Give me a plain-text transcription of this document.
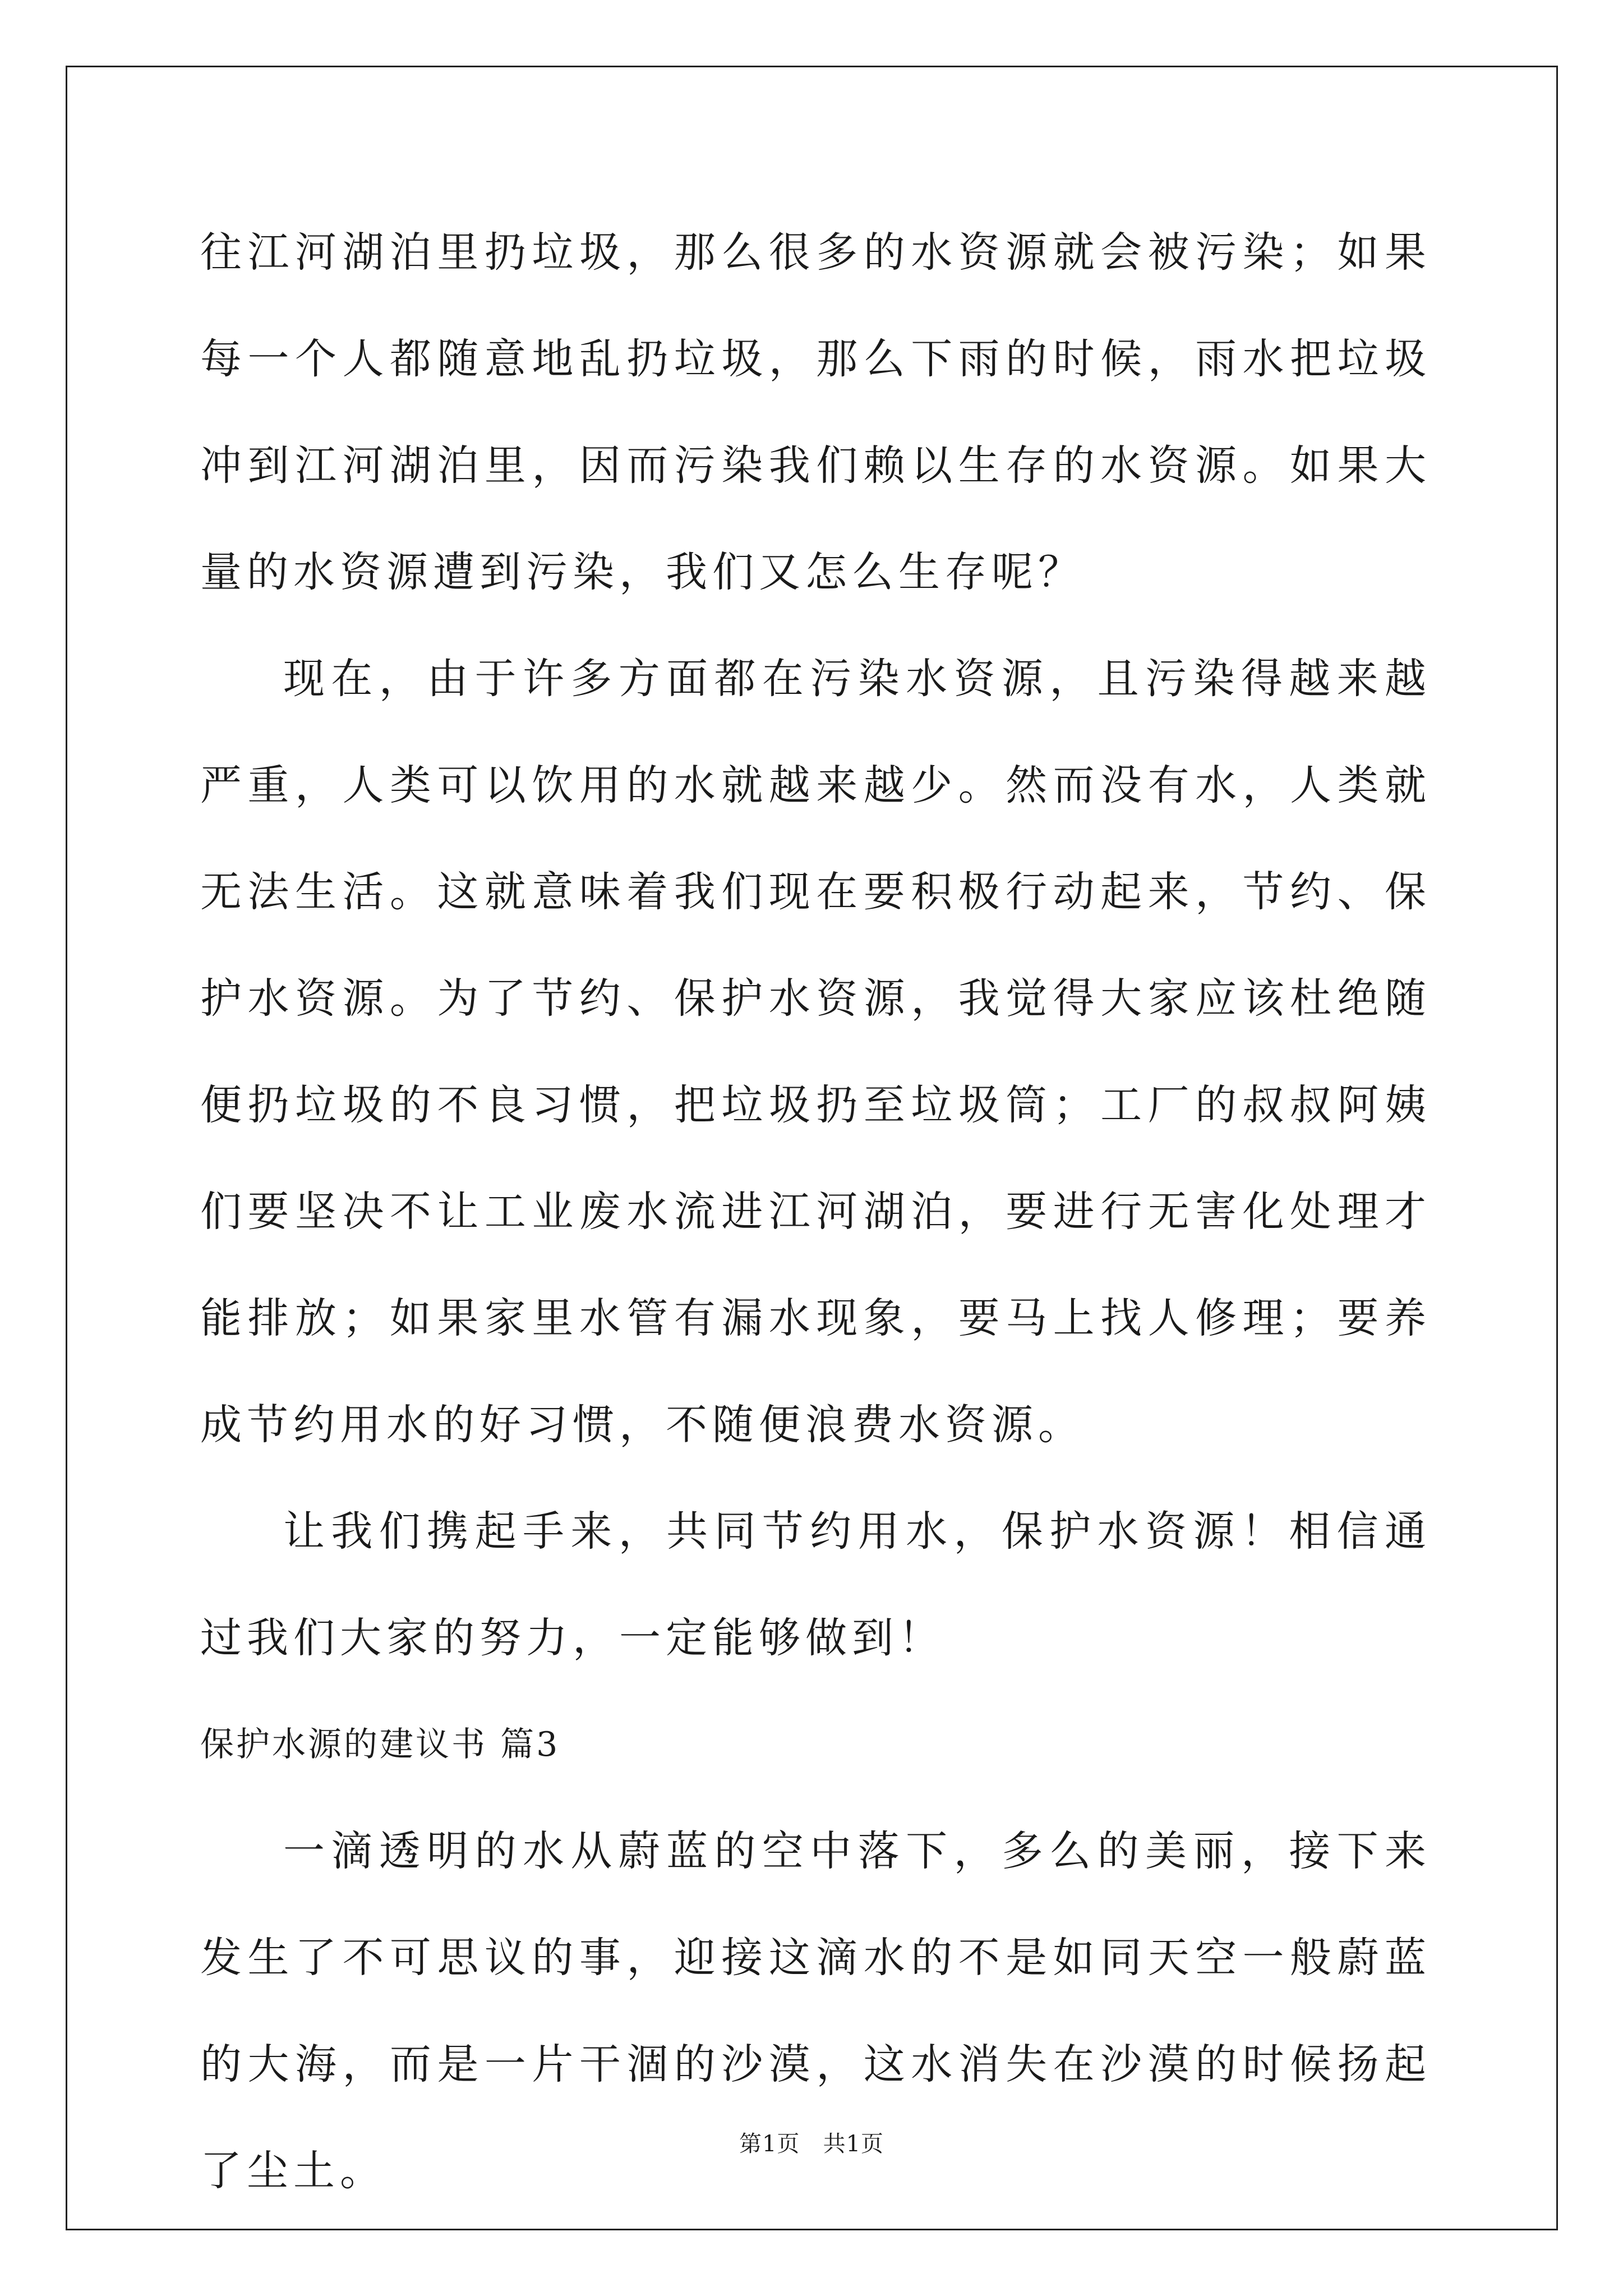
往江河湖泊里扔垃圾，那么很多的水资源就会被污染；如果每一个人都随意地乱扔垃圾，那么下雨的时候，雨水把垃圾冲到江河湖泊里，因而污染我们赖以生存的水资源。如果大量的水资源遭到污染，我们又怎么生存呢？

现在，由于许多方面都在污染水资源，且污染得越来越严重，人类可以饮用的水就越来越少。然而没有水，人类就无法生活。这就意味着我们现在要积极行动起来，节约、保护水资源。为了节约、保护水资源，我觉得大家应该杜绝随便扔垃圾的不良习惯，把垃圾扔至垃圾筒；工厂的叔叔阿姨们要坚决不让工业废水流进江河湖泊，要进行无害化处理才能排放；如果家里水管有漏水现象，要马上找人修理；要养成节约用水的好习惯，不随便浪费水资源。

让我们携起手来，共同节约用水，保护水资源！相信通过我们大家的努力，一定能够做到！

保护水源的建议书 篇3

一滴透明的水从蔚蓝的空中落下，多么的美丽，接下来发生了不可思议的事，迎接这滴水的不是如同天空一般蔚蓝的大海，而是一片干涸的沙漠，这水消失在沙漠的时候扬起了尘土。

第1页 共1页
